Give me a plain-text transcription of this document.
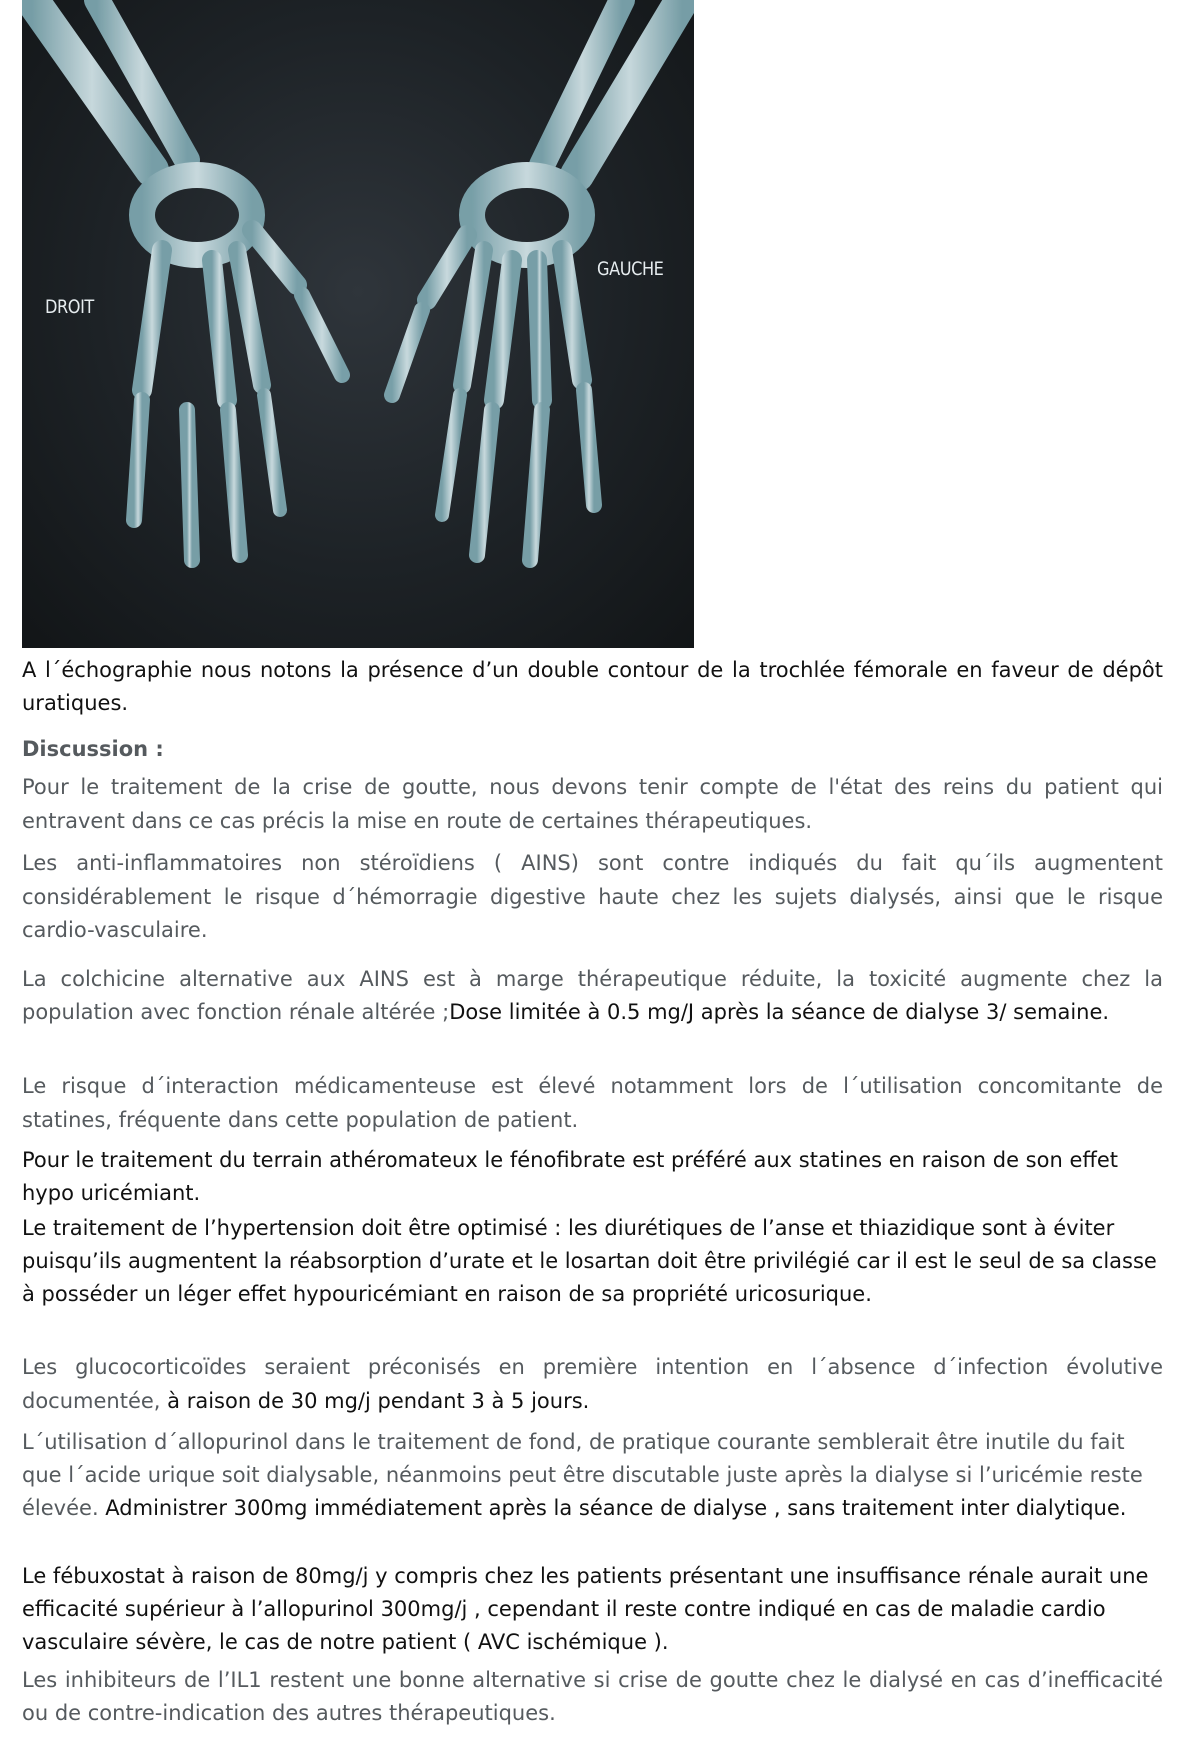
DROIT
GAUCHE

A l´échographie nous notons la présence d’un double contour de la trochlée fémorale en faveur de dépôt uratiques.

Discussion :

Pour le traitement de la crise de goutte, nous devons tenir compte de l'état des reins du patient qui entravent dans ce cas précis la mise en route de certaines thérapeutiques.

Les anti-inflammatoires non stéroïdiens ( AINS) sont contre indiqués du fait qu´ils augmentent considérablement le risque d´hémorragie digestive haute chez les sujets dialysés, ainsi que le risque cardio-vasculaire.

La colchicine alternative aux AINS est à marge thérapeutique réduite, la toxicité augmente chez la population avec fonction rénale altérée ;Dose limitée à 0.5 mg/J après la séance de dialyse 3/ semaine.

Le risque d´interaction médicamenteuse est élevé notamment lors de l´utilisation concomitante de statines, fréquente dans cette population de patient.

Pour le traitement du terrain athéromateux le fénofibrate est préféré aux statines en raison de son effet hypo uricémiant.

Le traitement de l’hypertension doit être optimisé : les diurétiques de l’anse et thiazidique sont à éviter puisqu’ils augmentent la réabsorption d’urate et le losartan doit être privilégié car il est le seul de sa classe à posséder un léger effet hypouricémiant en raison de sa propriété uricosurique.

Les glucocorticoïdes seraient préconisés en première intention en l´absence d´infection évolutive documentée, à raison de 30 mg/j pendant 3 à 5 jours.

L´utilisation d´allopurinol dans le traitement de fond, de pratique courante semblerait être inutile du fait que l´acide urique soit dialysable, néanmoins peut être discutable juste après la dialyse si l’uricémie reste élevée. Administrer 300mg immédiatement après la séance de dialyse , sans traitement inter dialytique.

Le fébuxostat à raison de 80mg/j y compris chez les patients présentant une insuffisance rénale aurait une efficacité supérieur à l’allopurinol 300mg/j , cependant il reste contre indiqué en cas de maladie cardio vasculaire sévère, le cas de notre patient ( AVC ischémique ).

Les inhibiteurs de l’IL1 restent une bonne alternative si crise de goutte chez le dialysé en cas d’inefficacité ou de contre-indication des autres thérapeutiques.
